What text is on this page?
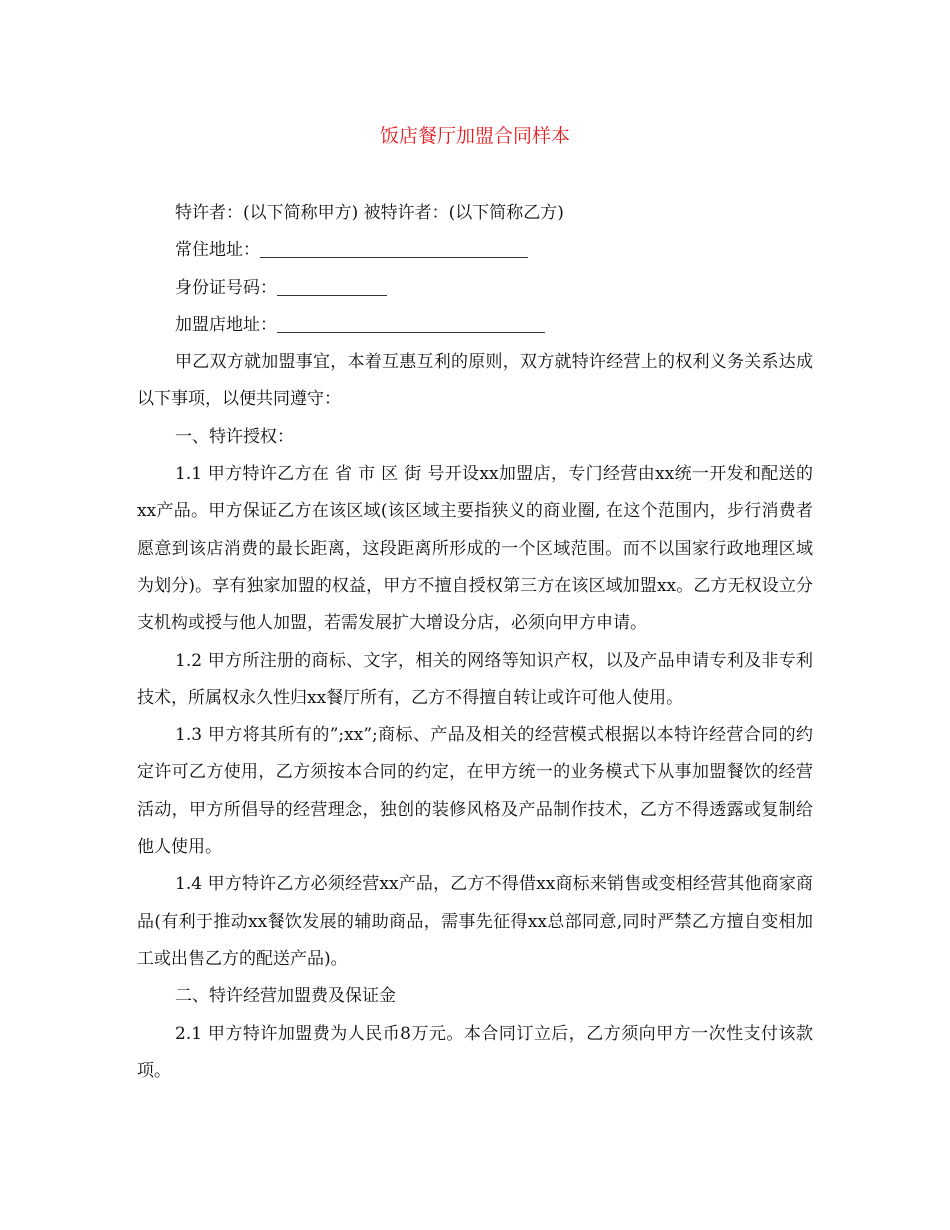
饭店餐厅加盟合同样本

特许者：(以下简称甲方) 被特许者：(以下简称乙方)

常住地址：

身份证号码：

加盟店地址：

甲乙双方就加盟事宜，本着互惠互利的原则，双方就特许经营上的权利义务关系达成以下事项，以便共同遵守：

一、特许授权：

1.1 甲方特许乙方在 省 市 区 街 号开设xx加盟店，专门经营由xx统一开发和配送的xx产品。甲方保证乙方在该区域(该区域主要指狭义的商业圈, 在这个范围内，步行消费者愿意到该店消费的最长距离，这段距离所形成的一个区域范围。而不以国家行政地理区域为划分)。享有独家加盟的权益，甲方不擅自授权第三方在该区域加盟xx。乙方无权设立分支机构或授与他人加盟，若需发展扩大增设分店，必须向甲方申请。

1.2 甲方所注册的商标、文字，相关的网络等知识产权，以及产品申请专利及非专利技术，所属权永久性归xx餐厅所有，乙方不得擅自转让或许可他人使用。

1.3 甲方将其所有的”;xx”;商标、产品及相关的经营模式根据以本特许经营合同的约定许可乙方使用，乙方须按本合同的约定，在甲方统一的业务模式下从事加盟餐饮的经营活动，甲方所倡导的经营理念，独创的装修风格及产品制作技术，乙方不得透露或复制给他人使用。

1.4 甲方特许乙方必须经营xx产品，乙方不得借xx商标来销售或变相经营其他商家商品(有利于推动xx餐饮发展的辅助商品，需事先征得xx总部同意,同时严禁乙方擅自变相加工或出售乙方的配送产品)。

二、特许经营加盟费及保证金

2.1 甲方特许加盟费为人民币8万元。本合同订立后，乙方须向甲方一次性支付该款项。
